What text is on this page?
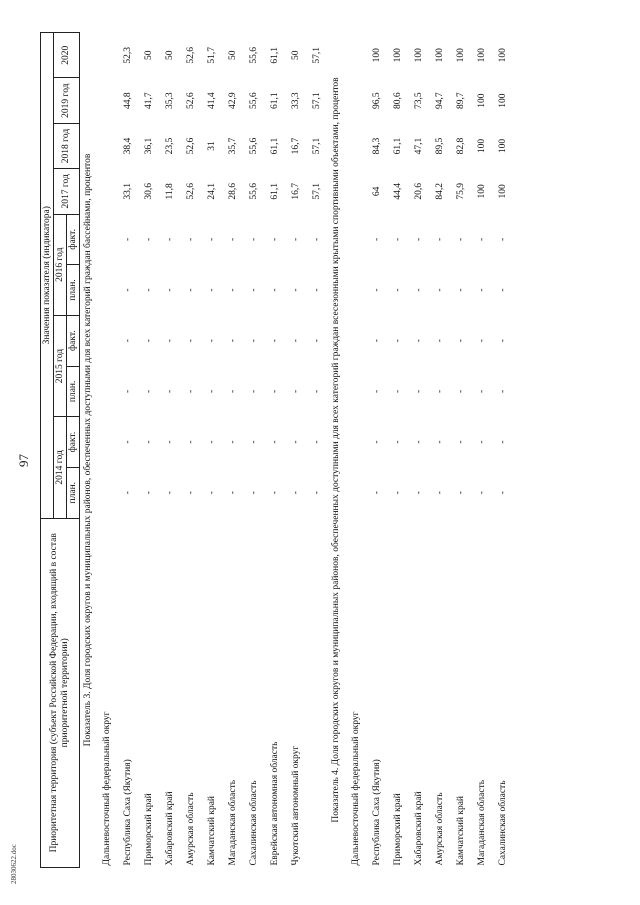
97
28030622.doc
Приоритетная территория (субъект Российской Федерации, входящий в состав приоритетной территории)	Значения показателя (индикатора)									
	2014 год		2015 год		2016 год		2017 год	2018 год	2019 год	2020
	план.	факт.	план.	факт.	план.	факт.				
Показатель 3. Доля городских округов и муниципальных районов, обеспеченных доступными для всех категорий граждан бассейнами, процентов										
Дальневосточный федеральный округ										
Республика Саха (Якутия)	-	-	-	-	-	-	33,1	38,4	44,8	52,3
Приморский край	-	-	-	-	-	-	30,6	36,1	41,7	50
Хабаровский край	-	-	-	-	-	-	11,8	23,5	35,3	50
Амурская область	-	-	-	-	-	-	52,6	52,6	52,6	52,6
Камчатский край	-	-	-	-	-	-	24,1	31	41,4	51,7
Магаданская область	-	-	-	-	-	-	28,6	35,7	42,9	50
Сахалинская область	-	-	-	-	-	-	55,6	55,6	55,6	55,6
Еврейская автономная область	-	-	-	-	-	-	61,1	61,1	61,1	61,1
Чукотский автономный округ	-	-	-	-	-	-	16,7	16,7	33,3	50
	-	-	-	-	-	-	57,1	57,1	57,1	57,1
Показатель 4. Доля городских округов и муниципальных районов, обеспеченных доступными для всех категорий граждан всесезонными крытыми спортивными объектами, процентов										
Дальневосточный федеральный округ										
Республика Саха (Якутия)	-	-	-	-	-	-	64	84,3	96,5	100
Приморский край	-	-	-	-	-	-	44,4	61,1	80,6	100
Хабаровский край	-	-	-	-	-	-	20,6	47,1	73,5	100
Амурская область	-	-	-	-	-	-	84,2	89,5	94,7	100
Камчатский край	-	-	-	-	-	-	75,9	82,8	89,7	100
Магаданская область	-	-	-	-	-	-	100	100	100	100
Сахалинская область	-	-	-	-	-	-	100	100	100	100
